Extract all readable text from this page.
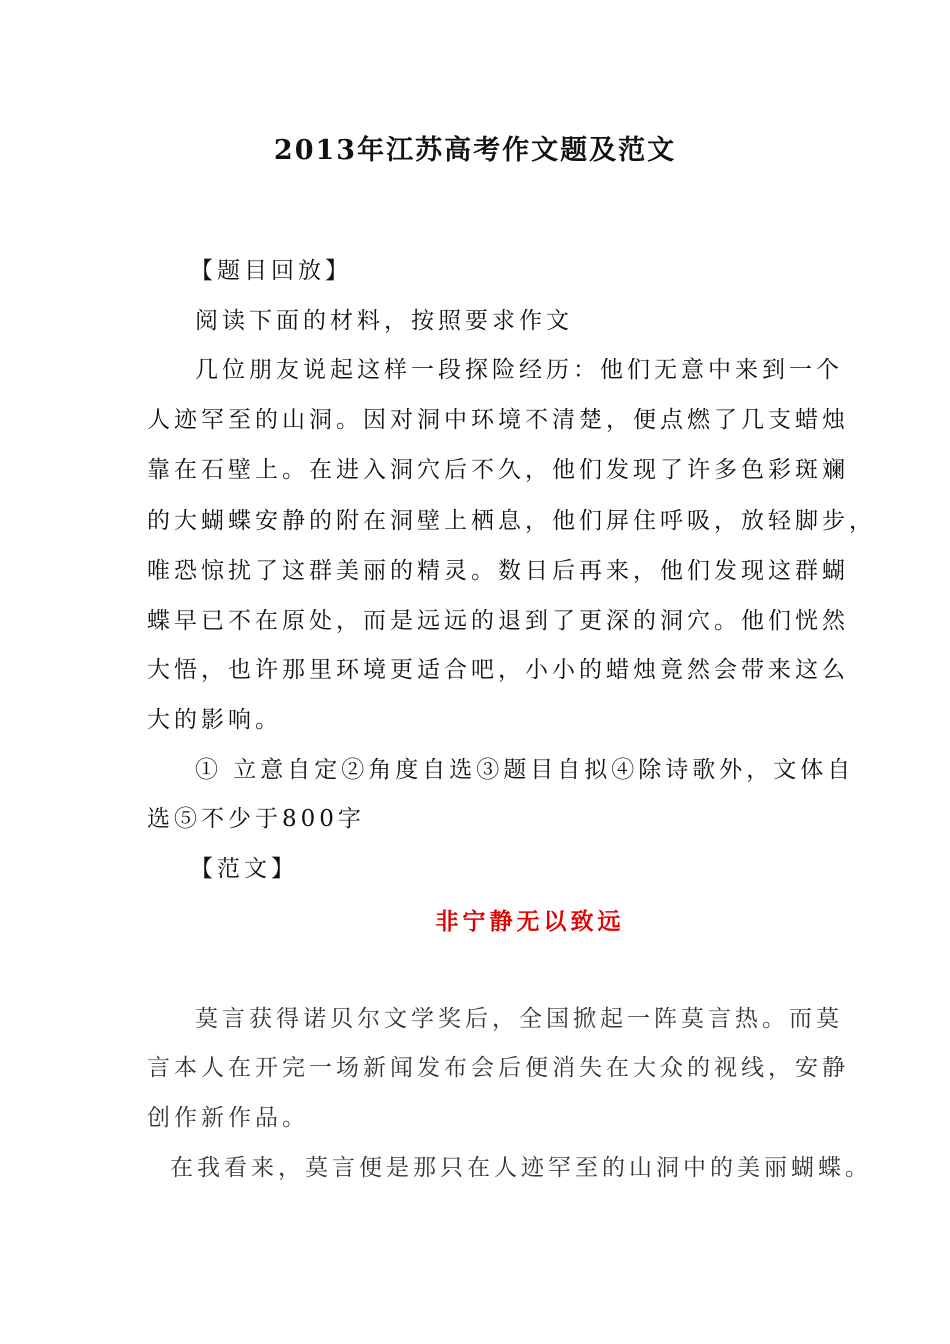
2013年江苏高考作文题及范文
【题目回放】
阅读下面的材料，按照要求作文
几位朋友说起这样一段探险经历：他们无意中来到一个
人迹罕至的山洞。因对洞中环境不清楚，便点燃了几支蜡烛
靠在石壁上。在进入洞穴后不久，他们发现了许多色彩斑斓
的大蝴蝶安静的附在洞壁上栖息，他们屏住呼吸，放轻脚步，
唯恐惊扰了这群美丽的精灵。数日后再来，他们发现这群蝴
蝶早已不在原处，而是远远的退到了更深的洞穴。他们恍然
大悟，也许那里环境更适合吧，小小的蜡烛竟然会带来这么
大的影响。
① 立意自定②角度自选③题目自拟④除诗歌外，文体自
选⑤不少于800字
【范文】
非宁静无以致远
莫言获得诺贝尔文学奖后，全国掀起一阵莫言热。而莫
言本人在开完一场新闻发布会后便消失在大众的视线，安静
创作新作品。
在我看来，莫言便是那只在人迹罕至的山洞中的美丽蝴蝶。
